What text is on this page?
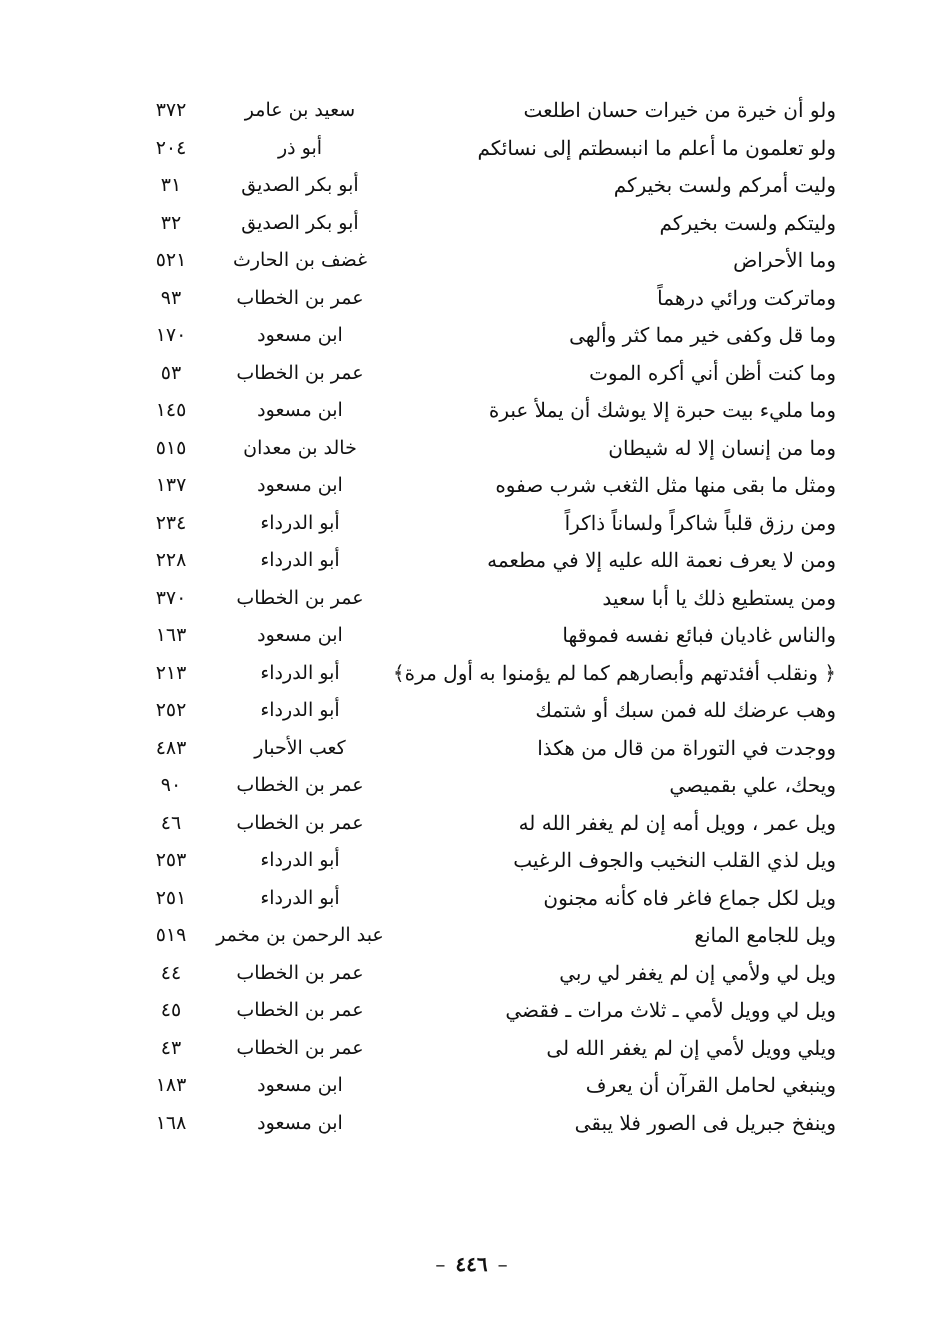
ولو أن خيرة من خيرات حسان اطلعت
سعيد بن عامر
٣٧٢
ولو تعلمون ما أعلم ما انبسطتم إلى نسائكم
أبو ذر
٢٠٤
وليت أمركم ولست بخيركم
أبو بكر الصديق
٣١
وليتكم ولست بخيركم
أبو بكر الصديق
٣٢
وما الأحراض
غضف بن الحارث
٥٢١
وماتركت ورائي درهماً
عمر بن الخطاب
٩٣
وما قل وكفى خير مما كثر وألهى
ابن مسعود
١٧٠
وما كنت أظن أني أكره الموت
عمر بن الخطاب
٥٣
وما مليء بيت حبرة إلا يوشك أن يملأ عبرة
ابن مسعود
١٤٥
وما من إنسان إلا له شيطان
خالد بن معدان
٥١٥
ومثل ما بقى منها مثل الثغب شرب صفوه
ابن مسعود
١٣٧
ومن رزق قلباً شاكراً ولساناً ذاكراً
أبو الدرداء
٢٣٤
ومن لا يعرف نعمة الله عليه إلا في مطعمه
أبو الدرداء
٢٢٨
ومن يستطيع ذلك يا أبا سعيد
عمر بن الخطاب
٣٧٠
والناس غاديان فبائع نفسه فموقها
ابن مسعود
١٦٣
﴿ ونقلب أفئدتهم وأبصارهم كما لم يؤمنوا به أول مرة﴾
أبو الدرداء
٢١٣
وهب عرضك لله فمن سبك أو شتمك
أبو الدرداء
٢٥٢
ووجدت في التوراة من قال من هكذا
كعب الأحبار
٤٨٣
ويحك، علي بقميصي
عمر بن الخطاب
٩٠
ويل عمر ، وويل أمه إن لم يغفر الله له
عمر بن الخطاب
٤٦
ويل لذي القلب النخيب والجوف الرغيب
أبو الدرداء
٢٥٣
ويل لكل جماع فاغر فاه كأنه مجنون
أبو الدرداء
٢٥١
ويل للجامع المانع
عبد الرحمن بن مخمر
٥١٩
ويل لي ولأمي إن لم يغفر لي ربي
عمر بن الخطاب
٤٤
ويل لي وويل لأمي ـ ثلاث مرات ـ فقضي
عمر بن الخطاب
٤٥
ويلي وويل لأمي إن لم يغفر الله لى
عمر بن الخطاب
٤٣
وينبغي لحامل القرآن أن يعرف
ابن مسعود
١٨٣
وينفخ جبريل فى الصور فلا يبقى
ابن مسعود
١٦٨
–٤٤٦–
